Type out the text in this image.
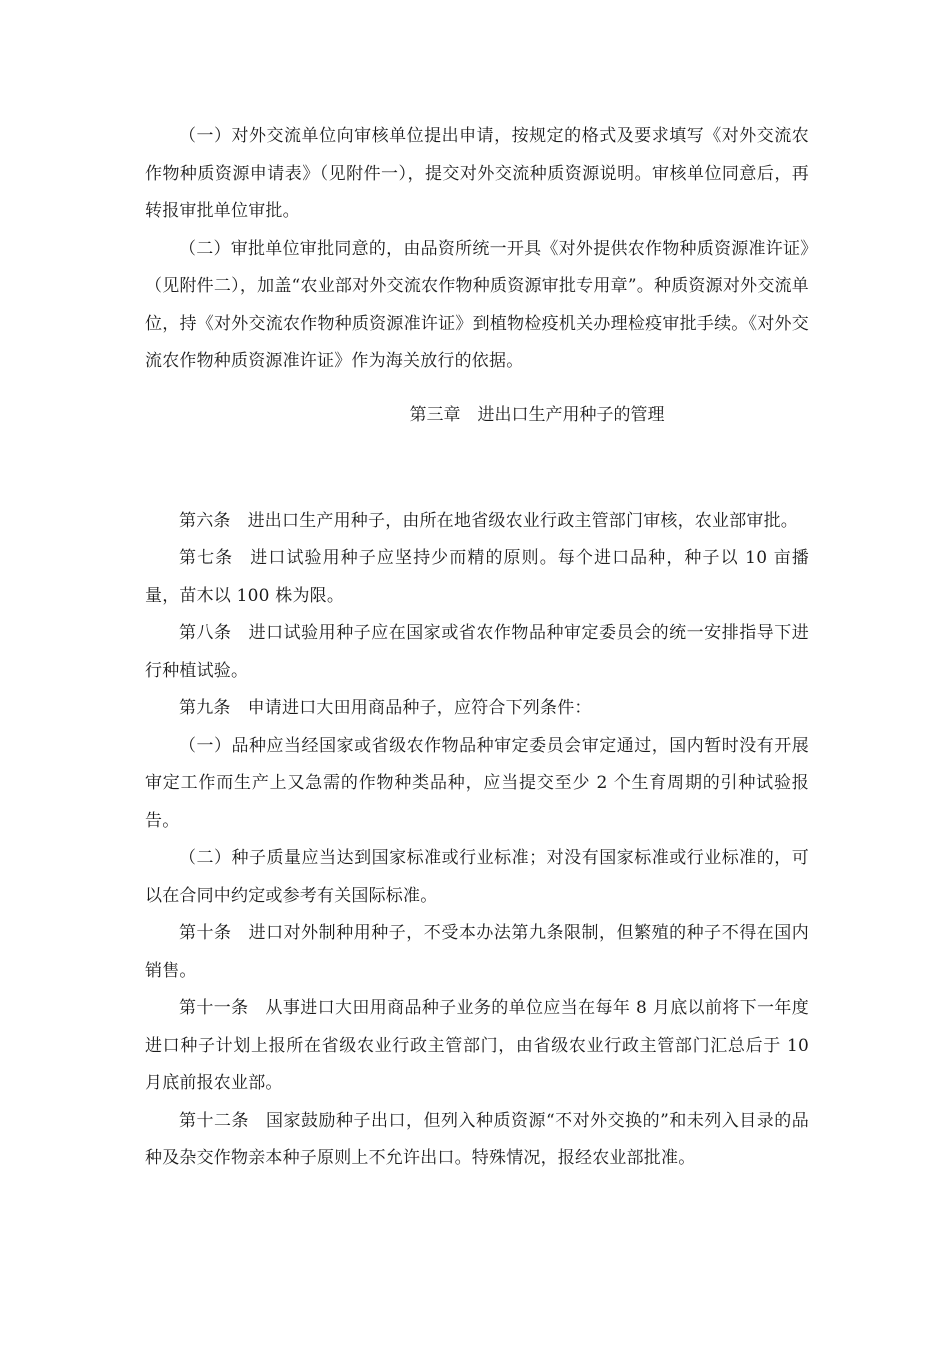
（一）对外交流单位向审核单位提出申请，按规定的格式及要求填写《对外交流农作物种质资源申请表》（见附件一），提交对外交流种质资源说明。审核单位同意后，再转报审批单位审批。

（二）审批单位审批同意的，由品资所统一开具《对外提供农作物种质资源准许证》（见附件二），加盖“农业部对外交流农作物种质资源审批专用章”。种质资源对外交流单位，持《对外交流农作物种质资源准许证》到植物检疫机关办理检疫审批手续。《对外交流农作物种质资源准许证》作为海关放行的依据。

第三章　进出口生产用种子的管理

第六条 进出口生产用种子，由所在地省级农业行政主管部门审核，农业部审批。

第七条 进口试验用种子应坚持少而精的原则。每个进口品种，种子以 10 亩播量，苗木以 100 株为限。

第八条 进口试验用种子应在国家或省农作物品种审定委员会的统一安排指导下进行种植试验。

第九条 申请进口大田用商品种子，应符合下列条件：

（一）品种应当经国家或省级农作物品种审定委员会审定通过，国内暂时没有开展审定工作而生产上又急需的作物种类品种，应当提交至少 2 个生育周期的引种试验报告。

（二）种子质量应当达到国家标准或行业标准；对没有国家标准或行业标准的，可以在合同中约定或参考有关国际标准。

第十条 进口对外制种用种子，不受本办法第九条限制，但繁殖的种子不得在国内销售。

第十一条 从事进口大田用商品种子业务的单位应当在每年 8 月底以前将下一年度进口种子计划上报所在省级农业行政主管部门，由省级农业行政主管部门汇总后于 10 月底前报农业部。

第十二条 国家鼓励种子出口，但列入种质资源“不对外交换的”和未列入目录的品种及杂交作物亲本种子原则上不允许出口。特殊情况，报经农业部批准。
